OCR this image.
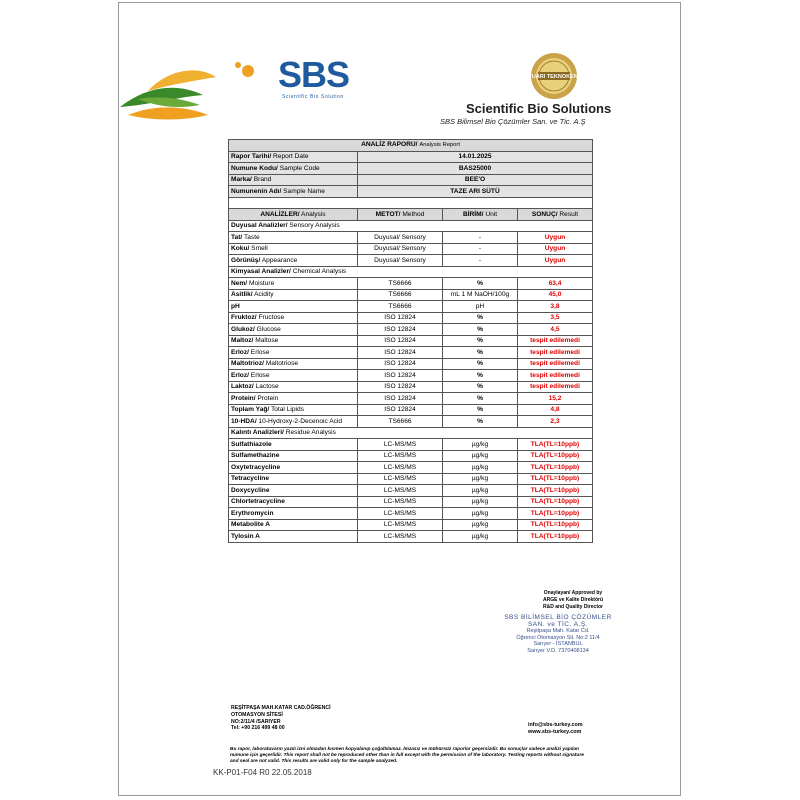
SBS
Scientific Bio Solution
İTUARI TEKNOKENT
Scientific Bio Solutions
SBS Bilimsel Bio Çözümler San. ve Tic. A.Ş
ANALİZ RAPORU/ Analysis Report			
Rapor Tarihi/ Report Date	14.01.2025		
Numune Kodu/ Sample Code	BAS25000		
Marka/ Brand	BEE'O		
Numunenin Adı/ Sample Name	TAZE ARI SÜTÜ		

ANALİZLER/ Analysis	METOT/ Method	BİRİM/ Unit	SONUÇ/ Result
Duyusal Analizler/ Sensory Analysis			
Tat/ Taste	Duyusal/ Sensory	-	Uygun
Koku/ Smell	Duyusal/ Sensory	-	Uygun
Görünüş/ Appearance	Duyusal/ Sensory	-	Uygun
Kimyasal Analizler/ Chemical Analysis			
Nem/ Moisture	TS6666	%	63,4
Asitlik/ Acidity	TS6666	mL 1 M NaOH/100g	45,0
pH	TS6666	pH	3,8
Fruktoz/ Fructose	ISO 12824	%	3,5
Glukoz/ Glucose	ISO 12824	%	4,5
Maltoz/ Maltose	ISO 12824	%	tespit edilemedi
Erloz/ Erlose	ISO 12824	%	tespit edilemedi
Maltotrioz/ Maltotriose	ISO 12824	%	tespit edilemedi
Erloz/ Erlose	ISO 12824	%	tespit edilemedi
Laktoz/ Lactose	ISO 12824	%	tespit edilemedi
Protein/ Protein	ISO 12824	%	15,2
Toplam Yağ/ Total Lipids	ISO 12824	%	4,8
10-HDA/ 10-Hydroxy-2-Decenoic Acid	TS6666	%	2,3
Kalıntı Analizleri/ Residue Analysis			
Sulfathiazole	LC-MS/MS	µg/kg	TLA(TL=10ppb)
Sulfamethazine	LC-MS/MS	µg/kg	TLA(TL=10ppb)
Oxytetracycline	LC-MS/MS	µg/kg	TLA(TL=10ppb)
Tetracycline	LC-MS/MS	µg/kg	TLA(TL=10ppb)
Doxycycline	LC-MS/MS	µg/kg	TLA(TL=10ppb)
Chlortetracycline	LC-MS/MS	µg/kg	TLA(TL=10ppb)
Erythromycin	LC-MS/MS	µg/kg	TLA(TL=10ppb)
Metabolite A	LC-MS/MS	µg/kg	TLA(TL=10ppb)
Tylosin A	LC-MS/MS	µg/kg	TLA(TL=10ppb)
Onaylayan/ Approved by
ARGE ve Kalite Direktörü
R&D and Quality Director
SBS BİLİMSEL BİO ÇÖZÜMLER
SAN. ve TİC. A.Ş.
Reşitpaşa Mah. Katar Cd.
Öğrenci Otomasyon Sit. No:2 11/4
Sarıyer - İSTANBUL
Sarıyer V.D. 7370408134
REŞİTPAŞA MAH.KATAR CAD.ÖĞRENCİ
OTOMASYON SİTESİ
NO:2/11/4 /SARIYER
Tel: +90 216 499 48 00
info@sbs-turkey.com
www.sbs-turkey.com
Bu rapor, laboratuvarın yazılı izni olmadan kısmen kopyalanıp çoğaltılamaz. İmzasız ve mühürsüz raporlar geçersizdir. Bu sonuçlar sadece analizi yapılan numune için geçerlidir. This report shall not be reproduced other than in full except with the permission of the laboratory. Testing reports without signature and seal are not valid. This results are valid only for the sample analyzed.
KK-P01-F04 R0 22.05.2018
